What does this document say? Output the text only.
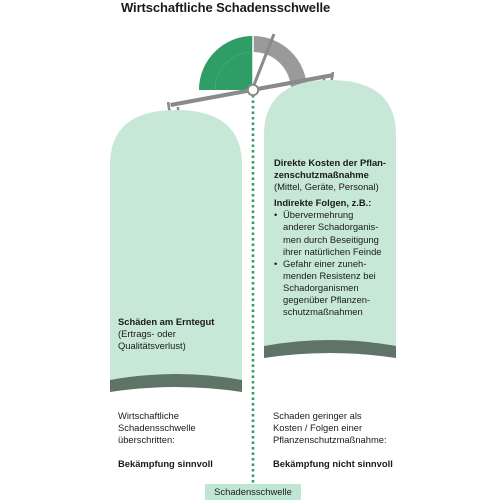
Wirtschaftliche Schadensschwelle
Schäden am Erntegut
(Ertrags- oder
Qualitätsverlust)
Direkte Kosten der Pflan-
zenschutzmaßnahme
(Mittel, Geräte, Personal)
Indirekte Folgen, z.B.:
• Übervermehrung
anderer Schadorganis-
men durch Beseitigung
ihrer natürlichen Feinde
• Gefahr einer zuneh-
menden Resistenz bei
Schadorganismen
gegenüber Pflanzen-
schutzmaßnahmen
Wirtschaftliche
Schadensschwelle
überschritten:
Bekämpfung sinnvoll
Schaden geringer als
Kosten / Folgen einer
Pflanzenschutzmaßnahme:
Bekämpfung nicht sinnvoll
Schadensschwelle
